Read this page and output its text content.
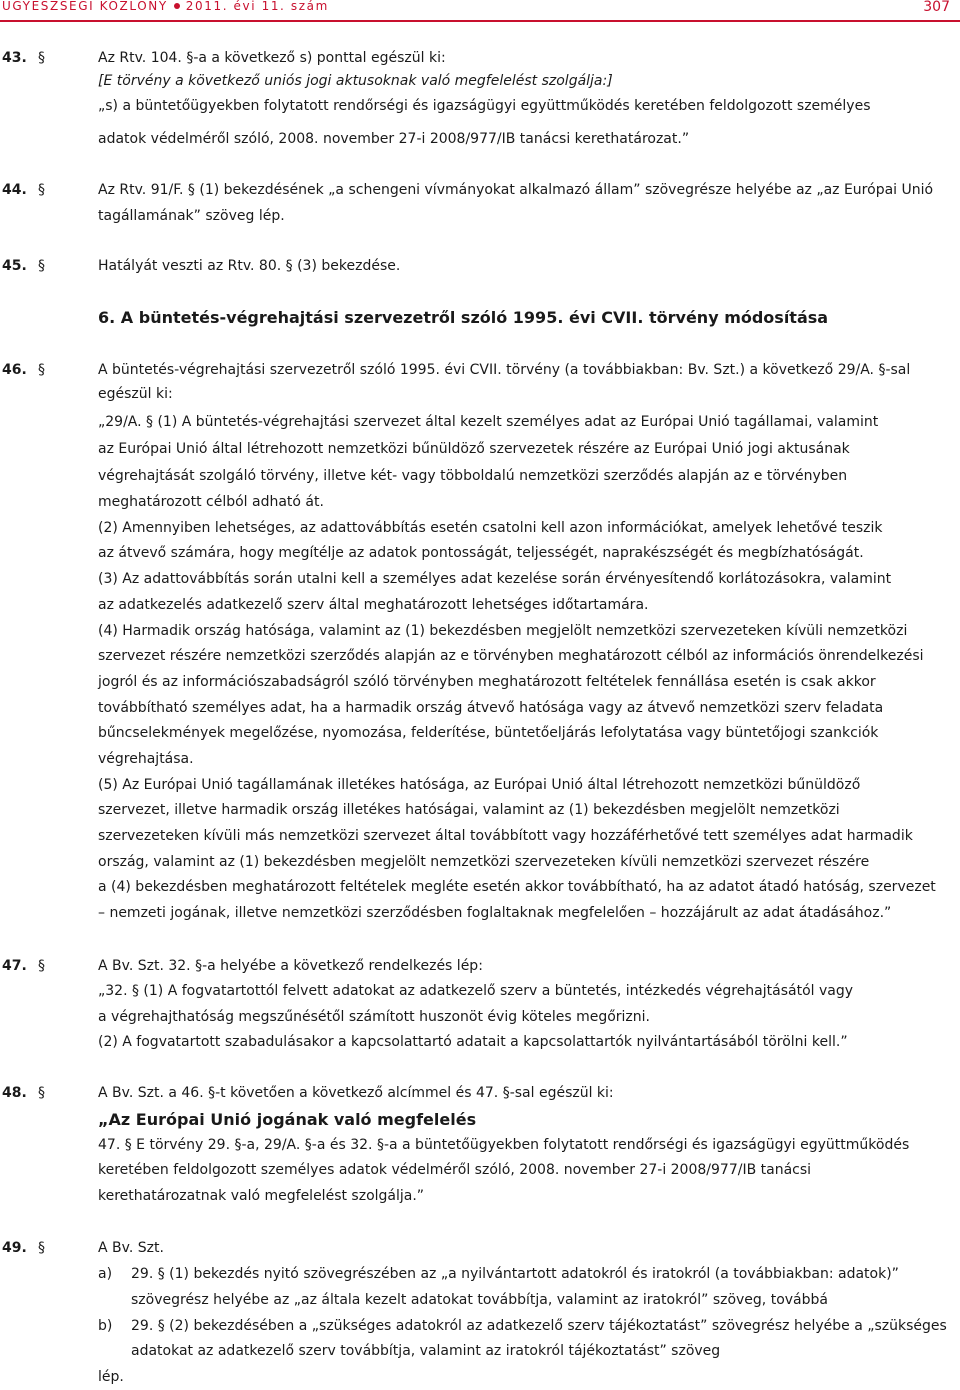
ÜGYÉSZSÉGI KÖZLÖNY 2011. évi 11. szám	307
43. §	Az Rtv. 104. §-a a következő s) ponttal egészül ki:
[E törvény a következő uniós jogi aktusoknak való megfelelést szolgálja:]
„s) a büntetőügyekben folytatott rendőrségi és igazságügyi együttműködés keretében feldolgozott személyes
adatok védelméről szóló, 2008. november 27-i 2008/977/IB tanácsi kerethatározat.”
44. §	Az Rtv. 91/F. § (1) bekezdésének „a schengeni vívmányokat alkalmazó állam” szövegrésze helyébe az „az Európai Unió
tagállamának” szöveg lép.
45. §	Hatályát veszti az Rtv. 80. § (3) bekezdése.
6. A büntetés-végrehajtási szervezetről szóló 1995. évi CVII. törvény módosítása
46. §	A büntetés-végrehajtási szervezetről szóló 1995. évi CVII. törvény (a továbbiakban: Bv. Szt.) a következő 29/A. §-sal
egészül ki:
„29/A. § (1) A büntetés-végrehajtási szervezet által kezelt személyes adat az Európai Unió tagállamai, valamint
az Európai Unió által létrehozott nemzetközi bűnüldöző szervezetek részére az Európai Unió jogi aktusának
végrehajtását szolgáló törvény, illetve két- vagy többoldalú nemzetközi szerződés alapján az e törvényben
meghatározott célból adható át.
(2) Amennyiben lehetséges, az adattovábbítás esetén csatolni kell azon információkat, amelyek lehetővé teszik
az átvevő számára, hogy megítélje az adatok pontosságát, teljességét, naprakészségét és megbízhatóságát.
(3) Az adattovábbítás során utalni kell a személyes adat kezelése során érvényesítendő korlátozásokra, valamint
az adatkezelés adatkezelő szerv által meghatározott lehetséges időtartamára.
(4) Harmadik ország hatósága, valamint az (1) bekezdésben megjelölt nemzetközi szervezeteken kívüli nemzetközi
szervezet részére nemzetközi szerződés alapján az e törvényben meghatározott célból az információs önrendelkezési
jogról és az információszabadságról szóló törvényben meghatározott feltételek fennállása esetén is csak akkor
továbbítható személyes adat, ha a harmadik ország átvevő hatósága vagy az átvevő nemzetközi szerv feladata
bűncselekmények megelőzése, nyomozása, felderítése, büntetőeljárás lefolytatása vagy büntetőjogi szankciók
végrehajtása.
(5) Az Európai Unió tagállamának illetékes hatósága, az Európai Unió által létrehozott nemzetközi bűnüldöző
szervezet, illetve harmadik ország illetékes hatóságai, valamint az (1) bekezdésben megjelölt nemzetközi
szervezeteken kívüli más nemzetközi szervezet által továbbított vagy hozzáférhetővé tett személyes adat harmadik
ország, valamint az (1) bekezdésben megjelölt nemzetközi szervezeteken kívüli nemzetközi szervezet részére
a (4) bekezdésben meghatározott feltételek megléte esetén akkor továbbítható, ha az adatot átadó hatóság, szervezet
– nemzeti jogának, illetve nemzetközi szerződésben foglaltaknak megfelelően – hozzájárult az adat átadásához.”
47. §	A Bv. Szt. 32. §-a helyébe a következő rendelkezés lép:
„32. § (1) A fogvatartottól felvett adatokat az adatkezelő szerv a büntetés, intézkedés végrehajtásától vagy
a végrehajthatóság megszűnésétől számított huszonöt évig köteles megőrizni.
(2) A fogvatartott szabadulásakor a kapcsolattartó adatait a kapcsolattartók nyilvántartásából törölni kell.”
48. §	A Bv. Szt. a 46. §-t követően a következő alcímmel és 47. §-sal egészül ki:
„Az Európai Unió jogának való megfelelés
47. § E törvény 29. §-a, 29/A. §-a és 32. §-a a büntetőügyekben folytatott rendőrségi és igazságügyi együttműködés
keretében feldolgozott személyes adatok védelméről szóló, 2008. november 27-i 2008/977/IB tanácsi
kerethatározatnak való megfelelést szolgálja.”
49. §	A Bv. Szt.
a) 29. § (1) bekezdés nyitó szövegrészében az „a nyilvántartott adatokról és iratokról (a továbbiakban: adatok)”
szövegrész helyébe az „az általa kezelt adatokat továbbítja, valamint az iratokról” szöveg, továbbá
b) 29. § (2) bekezdésében a „szükséges adatokról az adatkezelő szerv tájékoztatást” szövegrész helyébe a „szükséges
adatokat az adatkezelő szerv továbbítja, valamint az iratokról tájékoztatást” szöveg
lép.
